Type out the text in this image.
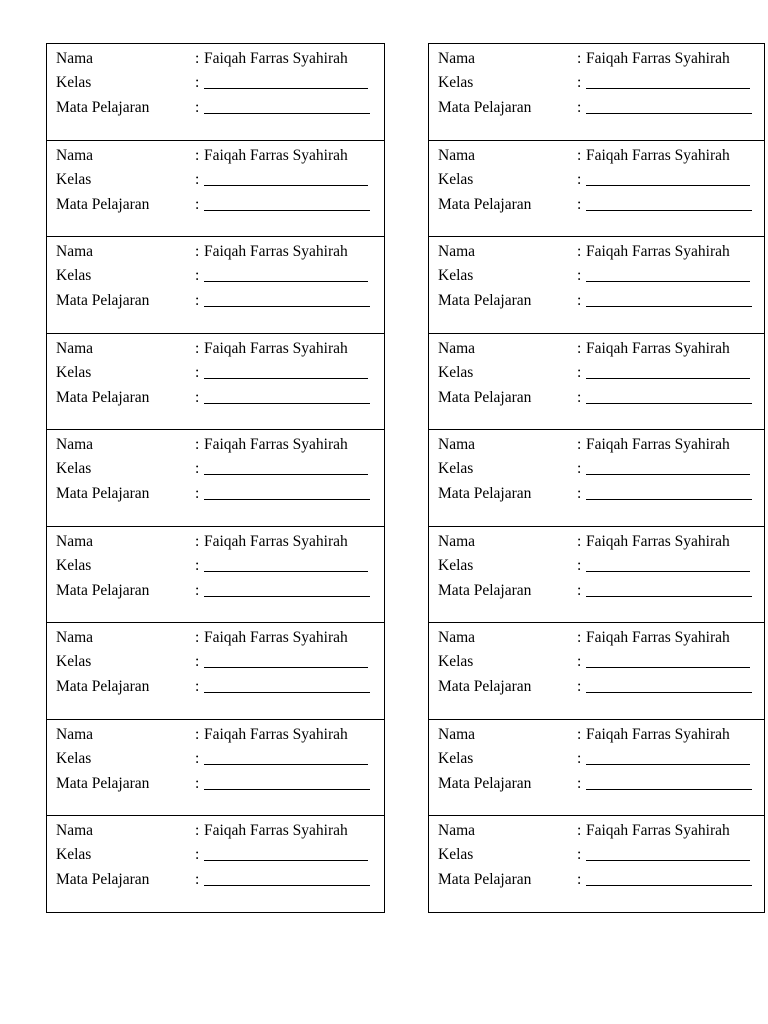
Nama	: Faiqah Farras Syahirah
Kelas	:
Mata Pelajaran	:
Nama	: Faiqah Farras Syahirah
Kelas	:
Mata Pelajaran	:
Nama	: Faiqah Farras Syahirah
Kelas	:
Mata Pelajaran	:
Nama	: Faiqah Farras Syahirah
Kelas	:
Mata Pelajaran	:
Nama	: Faiqah Farras Syahirah
Kelas	:
Mata Pelajaran	:
Nama	: Faiqah Farras Syahirah
Kelas	:
Mata Pelajaran	:
Nama	: Faiqah Farras Syahirah
Kelas	:
Mata Pelajaran	:
Nama	: Faiqah Farras Syahirah
Kelas	:
Mata Pelajaran	:
Nama	: Faiqah Farras Syahirah
Kelas	:
Mata Pelajaran	:
Nama	: Faiqah Farras Syahirah
Kelas	:
Mata Pelajaran	:
Nama	: Faiqah Farras Syahirah
Kelas	:
Mata Pelajaran	:
Nama	: Faiqah Farras Syahirah
Kelas	:
Mata Pelajaran	:
Nama	: Faiqah Farras Syahirah
Kelas	:
Mata Pelajaran	:
Nama	: Faiqah Farras Syahirah
Kelas	:
Mata Pelajaran	:
Nama	: Faiqah Farras Syahirah
Kelas	:
Mata Pelajaran	:
Nama	: Faiqah Farras Syahirah
Kelas	:
Mata Pelajaran	:
Nama	: Faiqah Farras Syahirah
Kelas	:
Mata Pelajaran	:
Nama	: Faiqah Farras Syahirah
Kelas	:
Mata Pelajaran	:
